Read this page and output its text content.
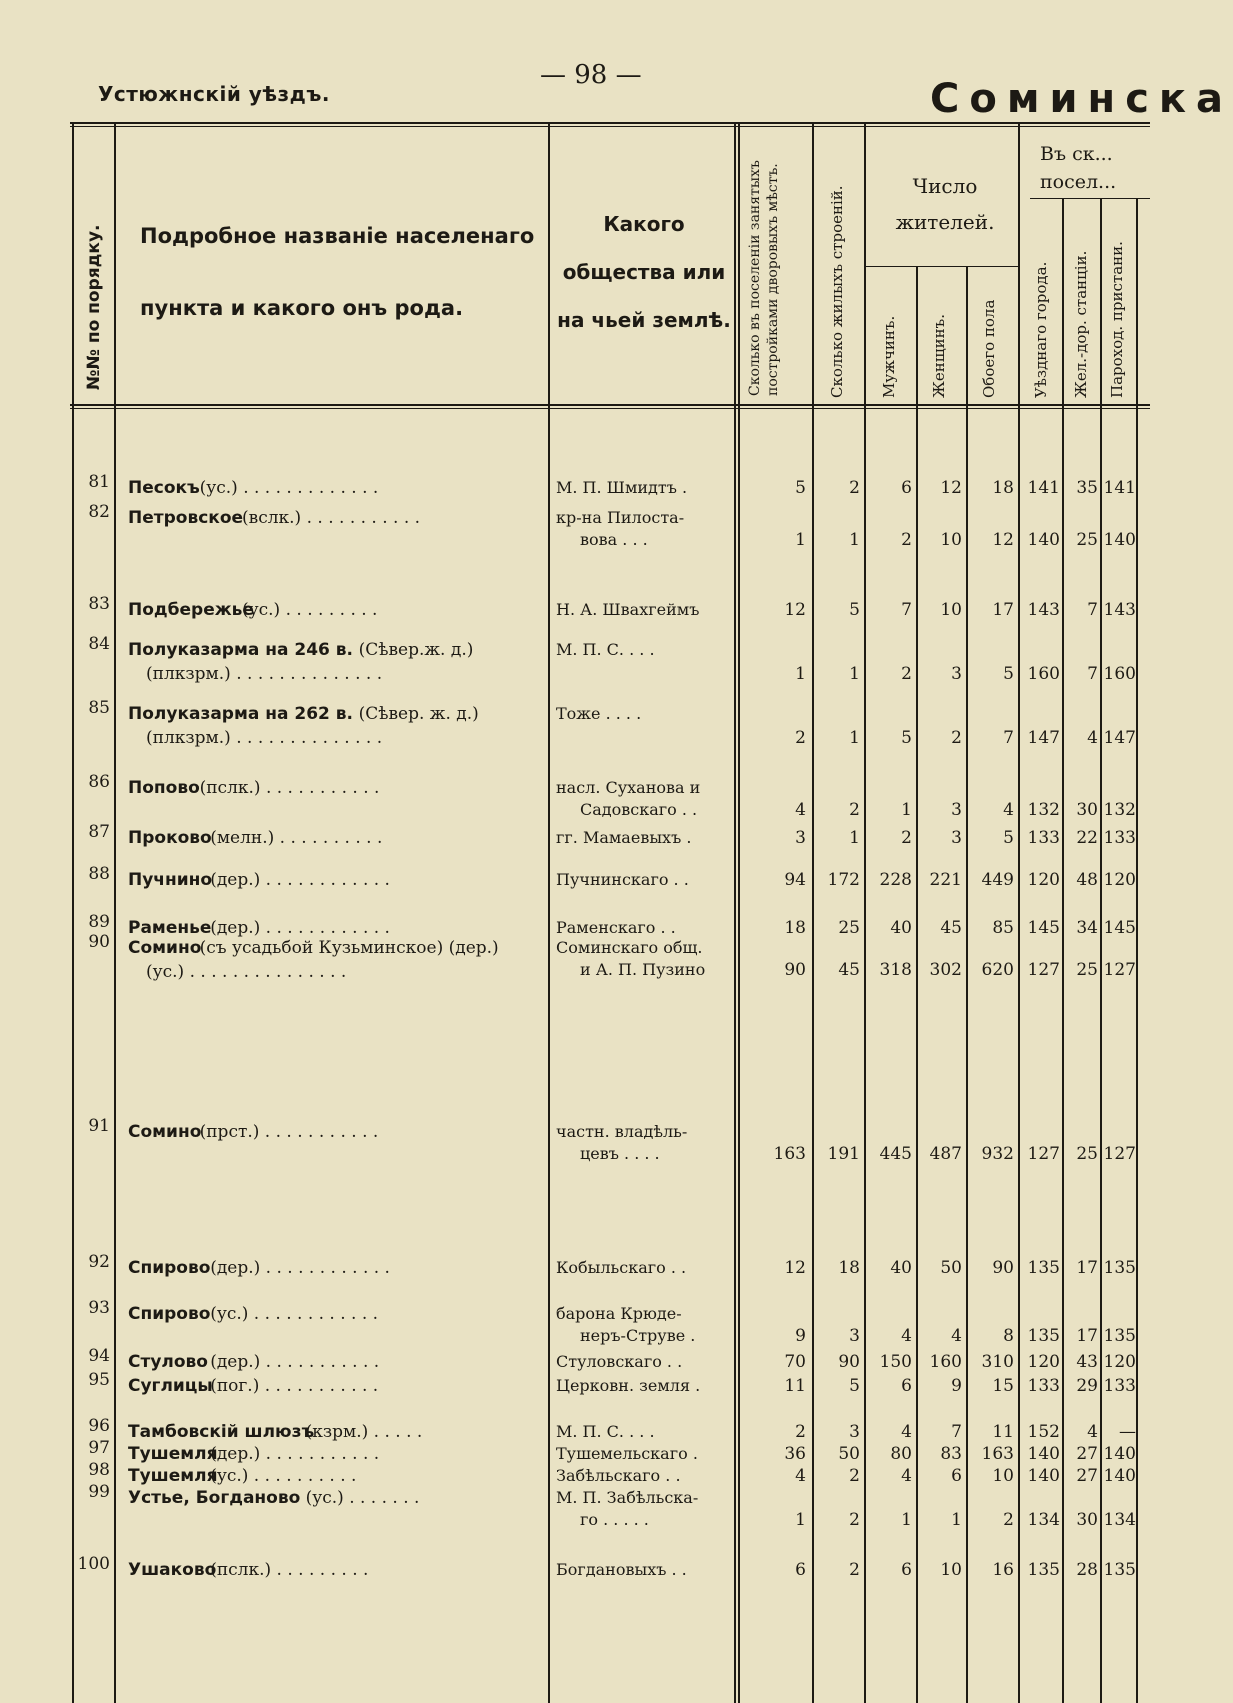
Устюжнскій уѣздъ.
— 98 —
Соминска
№№ по порядку. Подробное названіе населенаго пункта и какого онъ рода.
Какого общества или на чьей землѣ. Сколько въ поселеніи занятыхъ постройками дворовыхъ мѣстъ.	Сколько жилыхъ строеній.	Число жителей.
Мужчинъ. Женщинъ. Обоего пола
Въ ск... посел...
Уѣзднаго города. Жел.-дор. станціи. Пароход. пристани.
81 Песокъ (ус.) . . . . . . . . . . . . .	М. П. Шмидтъ .	5	2	6	12	18 141 35 141
82 Петровское
(вслк.) . . . . . . . . . . .	кр-на Пилоста-
вова . . .	1	1	2	10	12 140 25 140
83 Подбережье
(ус.) . . . . . . . . .	Н. А. Швахгеймъ	12	5	7	10	17 143	7 143
84 Полуказарма на 246 в. (Сѣвер.ж. д.)
(плкзрм.) . . . . . . . . . . . . . .
М. П. С. . . .
1	1	2	3	5 160	7 160
85 Полуказарма на 262 в. (Сѣвер. ж. д.)
(плкзрм.) . . . . . . . . . . . . . .
Тоже . . . .
2	1	5	2	7 147	4 147
86 Попово (пслк.) . . . . . . . . . . .	насл. Суханова и
Садовскаго . .	4	2	1	3	4 132 30 132
87 Проково
(мелн.) . . . . . . . . . .	гг. Мамаевыхъ .	3	1	2	3	5 133 22 133
88 Пучнино
(дер.) . . . . . . . . . . . .	Пучнинскаго . .	94	172	228	221	449 120 48 120
89 Раменье
(дер.) . . . . . . . . . . . .	Раменскаго . .	18	25	40	45	85 145 34 145
90 Сомино
(съ усадьбой Кузьминское) (дер.)
(ус.) . . . . . . . . . . . . . . .
Соминскаго общ.
и А. П. Пузино	90	45	318	302	620 127 25 127
91 Сомино
(прст.) . . . . . . . . . . .	частн. владѣль-
цевъ . . . .	163	191	445	487	932 127 25 127
92 Спирово (дер.) . . . . . . . . . . . .	Кобыльскаго . .	12	18	40	50	90 135 17 135
93 Спирово (ус.) . . . . . . . . . . . .	барона Крюде-
неръ-Струве .	9	3	4	4	8 135 17 135
94 Стулово (дер.) . . . . . . . . . . .	Стуловскаго . .	70	90	150	160	310 120 43 120
95 Суглицы
(пог.) . . . . . . . . . . .	Церковн. земля .	11	5	6	9	15 133 29 133
96 Тамбовскій шлюзъ
(кзрм.) . . . . .	М. П. С. . . .	2	3	4	7	11 152	4	—
97 Тушемля
(дер.) . . . . . . . . . . .	Тушемельскаго .	36	50	80	83	163 140 27 140
98 Тушемля
(ус.) . . . . . . . . . .	Забѣльскаго . .	4	2	4	6	10 140 27 140
99 Устье, Богданово (ус.) . . . . . . .	М. П. Забѣльска-
го . . . . .	1	2	1	1	2 134 30 134
100 Ушаково
(пслк.) . . . . . . . . .	Богдановыхъ . .	6	2	6	10	16 135 28 135
